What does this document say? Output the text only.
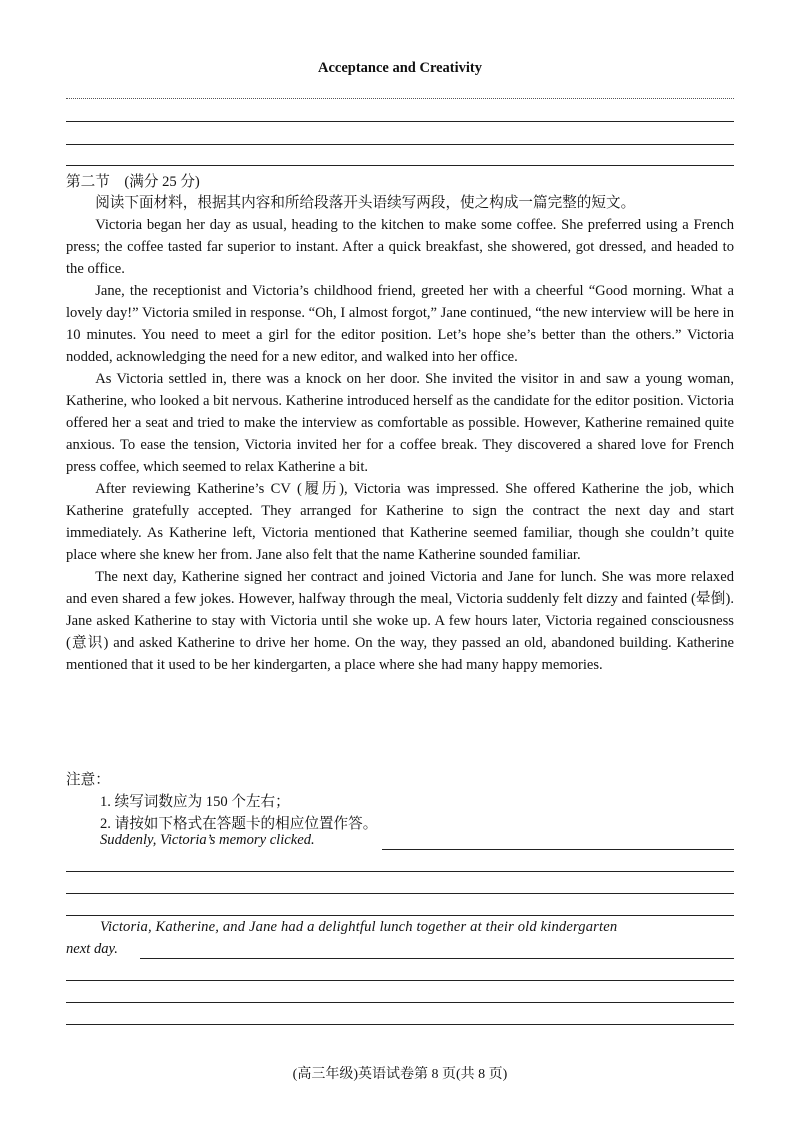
Acceptance and Creativity
第二节　(满分 25 分)
阅读下面材料，根据其内容和所给段落开头语续写两段，使之构成一篇完整的短文。

Victoria began her day as usual, heading to the kitchen to make some coffee. She preferred using a French press; the coffee tasted far superior to instant. After a quick breakfast, she showered, got dressed, and headed to the office.

Jane, the receptionist and Victoria’s childhood friend, greeted her with a cheerful “Good morning. What a lovely day!” Victoria smiled in response. “Oh, I almost forgot,” Jane continued, “the new interview will be here in 10 minutes. You need to meet a girl for the editor position. Let’s hope she’s better than the others.” Victoria nodded, acknowledging the need for a new editor, and walked into her office.

As Victoria settled in, there was a knock on her door. She invited the visitor in and saw a young woman, Katherine, who looked a bit nervous. Katherine introduced herself as the candidate for the editor position. Victoria offered her a seat and tried to make the interview as comfortable as possible. However, Katherine remained quite anxious. To ease the tension, Victoria invited her for a coffee break. They discovered a shared love for French press coffee, which seemed to relax Katherine a bit.

After reviewing Katherine’s CV (履历), Victoria was impressed. She offered Katherine the job, which Katherine gratefully accepted. They arranged for Katherine to sign the contract the next day and start immediately. As Katherine left, Victoria mentioned that Katherine seemed familiar, though she couldn’t quite place where she knew her from. Jane also felt that the name Katherine sounded familiar.

The next day, Katherine signed her contract and joined Victoria and Jane for lunch. She was more relaxed and even shared a few jokes. However, halfway through the meal, Victoria suddenly felt dizzy and fainted (晕倒). Jane asked Katherine to stay with Victoria until she woke up. A few hours later, Victoria regained consciousness (意识) and asked Katherine to drive her home. On the way, they passed an old, abandoned building. Katherine mentioned that it used to be her kindergarten, a place where she had many happy memories.

注意：
1. 续写词数应为 150 个左右；
2. 请按如下格式在答题卡的相应位置作答。
Suddenly, Victoria’s memory clicked.
Victoria, Katherine, and Jane had a delightful lunch together at their old kindergarten
next day.
(高三年级)英语试卷第 8 页(共 8 页)
